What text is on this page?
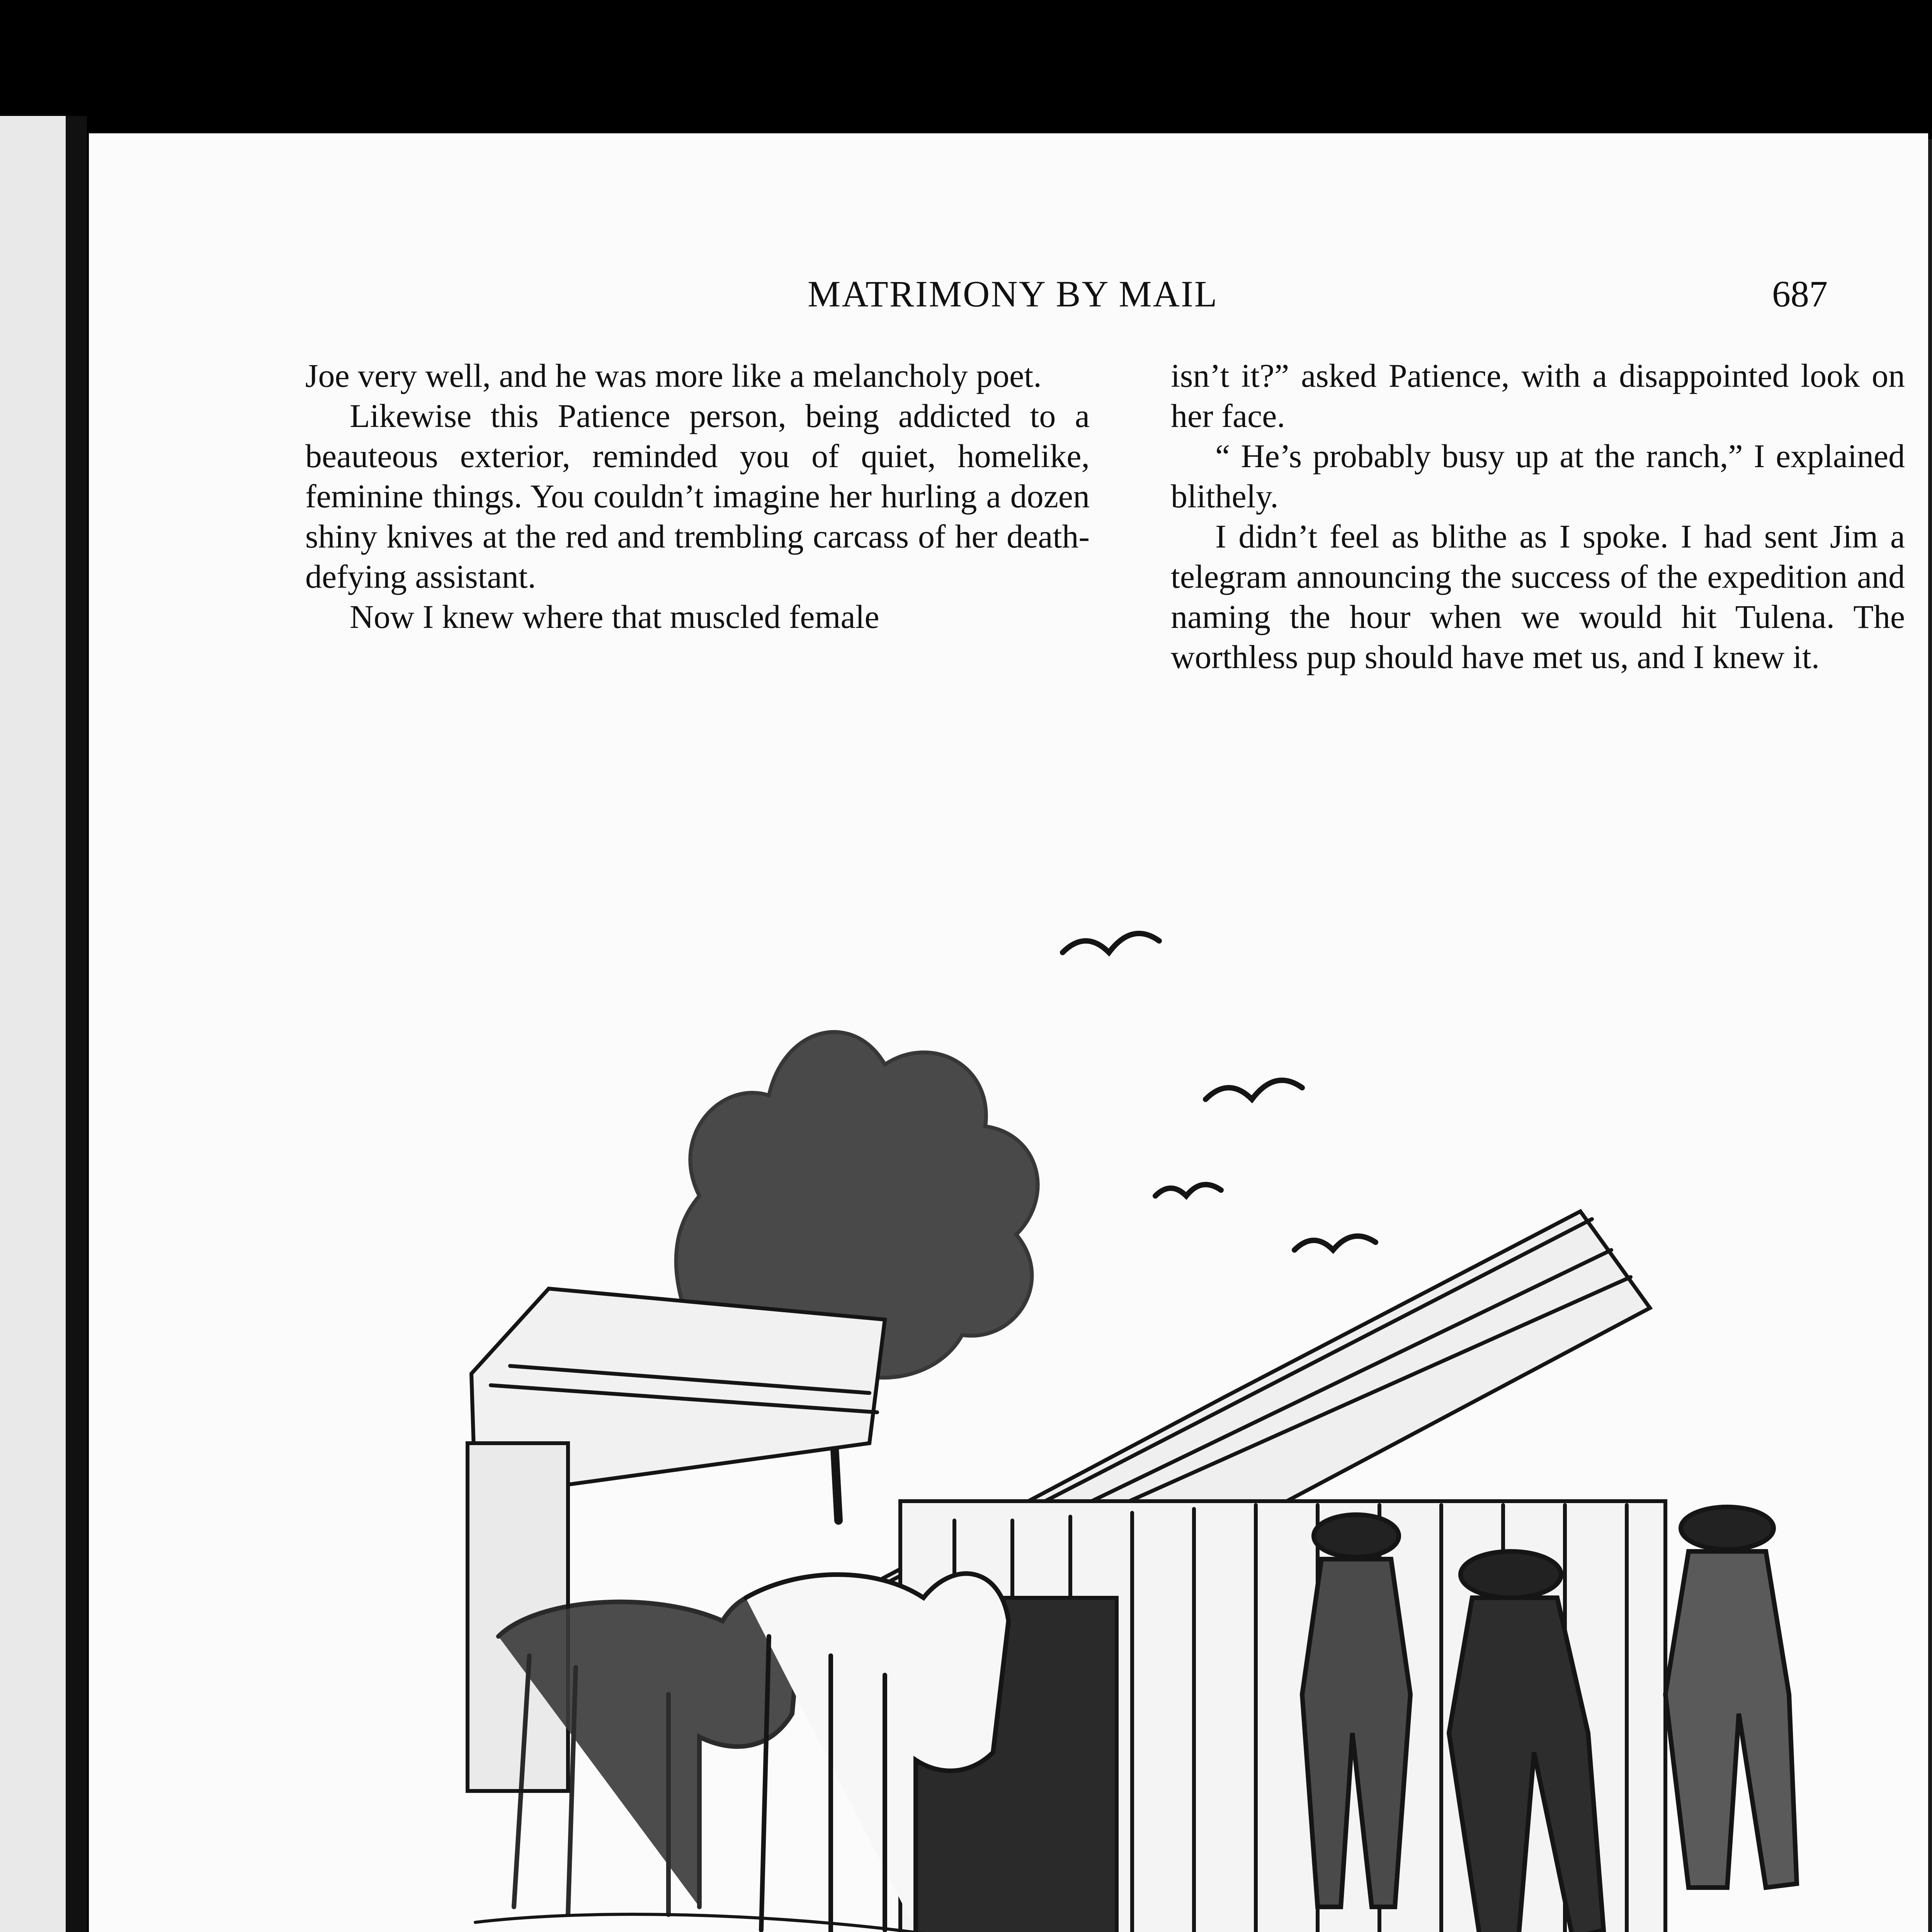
MATRIMONY BY MAIL	687

Joe very well, and he was more like a melancholy poet.

Likewise this Patience person, being addicted to a beauteous exterior, reminded you of quiet, homelike, feminine things. You couldn’t imagine her hurling a dozen shiny knives at the red and trembling carcass of her death-defying assistant.

Now I knew where that muscled female

isn’t it?” asked Patience, with a disappointed look on her face.

“ He’s probably busy up at the ranch,” I explained blithely.

I didn’t feel as blithe as I spoke. I had sent Jim a telegram announcing the success of the expedition and naming the hour when we would hit Tulena. The worthless pup should have met us, and I knew it.
